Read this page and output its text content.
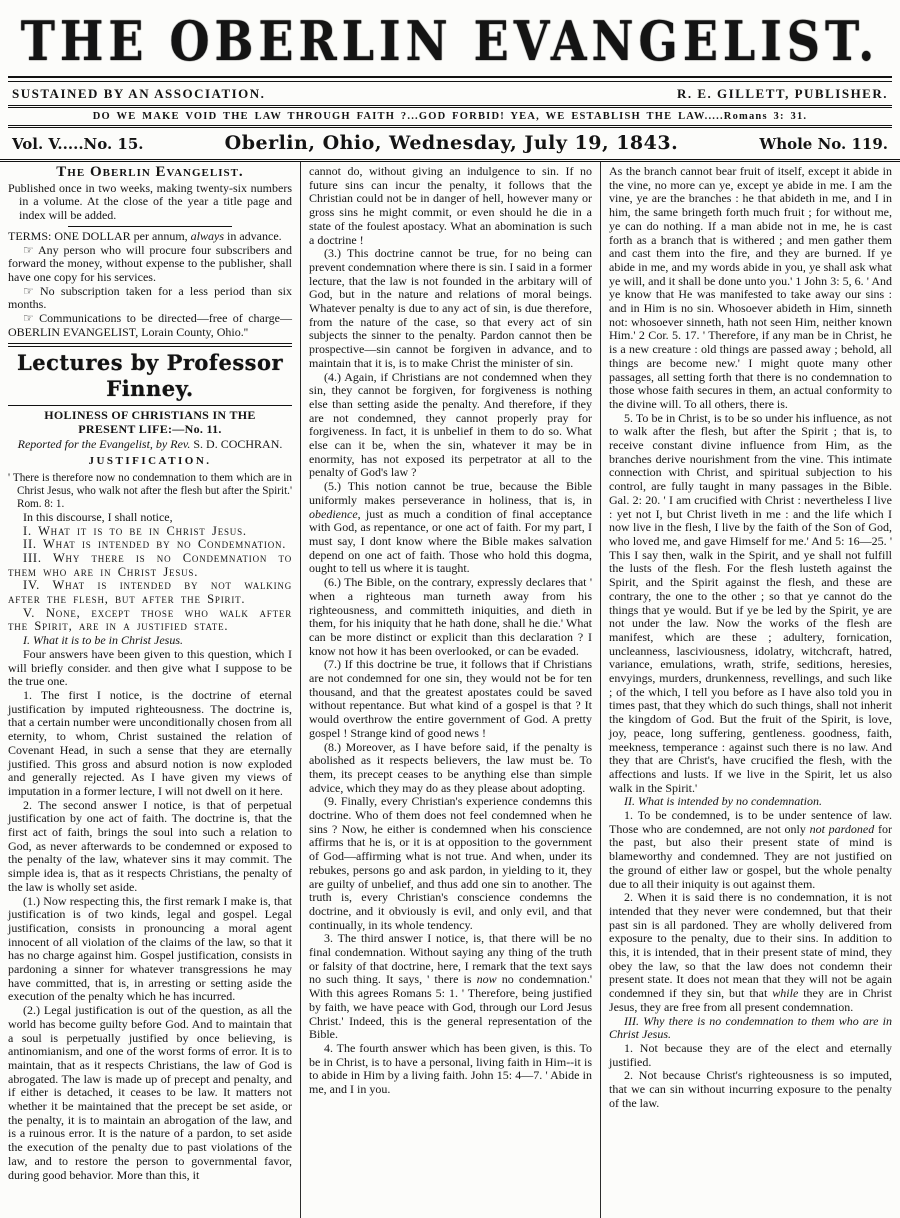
THE OBERLIN EVANGELIST.
SUSTAINED BY AN ASSOCIATION.	R. E. GILLETT, PUBLISHER.
DO WE MAKE VOID THE LAW THROUGH FAITH ?...GOD FORBID! YEA, WE ESTABLISH THE LAW.....Romans 3: 31.
Vol. V.....No. 15.	Oberlin, Ohio, Wednesday, July 19, 1843.	Whole No. 119.
The Oberlin Evangelist.

Published once in two weeks, making twenty-six numbers in a volume. At the close of the year a title page and index will be added.

TERMS: ONE DOLLAR per annum, always in advance.

☞ Any person who will procure four subscribers and forward the money, without expense to the publisher, shall have one copy for his services.

☞ No subscription taken for a less period than six months.

☞ Communications to be directed—free of charge— OBERLIN EVANGELIST, Lorain County, Ohio.''

Lectures by Professor Finney.
HOLINESS OF CHRISTIANS IN THE PRESENT LIFE:—No. 11.
Reported for the Evangelist, by Rev. S. D. COCHRAN.
JUSTIFICATION.

' There is therefore now no condemnation to them which are in Christ Jesus, who walk not after the flesh but after the Spirit.' Rom. 8: 1.

In this discourse, I shall notice,

I. What it is to be in Christ Jesus.

II. What is intended by no Condemnation.

III. Why there is no Condemnation to them who are in Christ Jesus.

IV. What is intended by not walking after the flesh, but after the Spirit.

V. None, except those who walk after the Spirit, are in a justified state.

I. What it is to be in Christ Jesus.

Four answers have been given to this question, which I will briefly consider. and then give what I suppose to be the true one.

1. The first I notice, is the doctrine of eternal justification by imputed righteousness. The doctrine is, that a certain number were unconditionally chosen from all eternity, to whom, Christ sustained the relation of Covenant Head, in such a sense that they are eternally justified. This gross and absurd notion is now exploded and generally rejected. As I have given my views of imputation in a former lecture, I will not dwell on it here.

2. The second answer I notice, is that of perpetual justification by one act of faith. The doctrine is, that the first act of faith, brings the soul into such a relation to God, as never afterwards to be condemned or exposed to the penalty of the law, whatever sins it may commit. The simple idea is, that as it respects Christians, the penalty of the law is wholly set aside.

(1.) Now respecting this, the first remark I make is, that justification is of two kinds, legal and gospel. Legal justification, consists in pronouncing a moral agent innocent of all violation of the claims of the law, so that it has no charge against him. Gospel justification, consists in pardoning a sinner for whatever transgressions he may have committed, that is, in arresting or setting aside the execution of the penalty which he has incurred.

(2.) Legal justification is out of the question, as all the world has become guilty before God. And to maintain that a soul is perpetually justified by once believing, is antinomianism, and one of the worst forms of error. It is to maintain, that as it respects Christians, the law of God is abrogated. The law is made up of precept and penalty, and if either is detached, it ceases to be law. It matters not whether it be maintained that the precept be set aside, or the penalty, it is to maintain an abrogation of the law, and is a ruinous error. It is the nature of a pardon, to set aside the execution of the penalty due to past violations of the law, and to restore the person to governmental favor, during good behavior. More than this, it

cannot do, without giving an indulgence to sin. If no future sins can incur the penalty, it follows that the Christian could not be in danger of hell, however many or gross sins he might commit, or even should he die in a state of the foulest apostacy. What an abomination is such a doctrine !

(3.) This doctrine cannot be true, for no being can prevent condemnation where there is sin. I said in a former lecture, that the law is not founded in the arbitary will of God, but in the nature and relations of moral beings. Whatever penalty is due to any act of sin, is due therefore, from the nature of the case, so that every act of sin subjects the sinner to the penalty. Pardon cannot then be prospective—sin cannot be forgiven in advance, and to maintain that it is, is to make Christ the minister of sin.

(4.) Again, if Christians are not condemned when they sin, they cannot be forgiven, for forgiveness is nothing else than setting aside the penalty. And therefore, if they are not condemned, they cannot properly pray for forgiveness. In fact, it is unbelief in them to do so. What else can it be, when the sin, whatever it may be in enormity, has not exposed its perpetrator at all to the penalty of God's law ?

(5.) This notion cannot be true, because the Bible uniformly makes perseverance in holiness, that is, in obedience, just as much a condition of final acceptance with God, as repentance, or one act of faith. For my part, I must say, I dont know where the Bible makes salvation depend on one act of faith. Those who hold this dogma, ought to tell us where it is taught.

(6.) The Bible, on the contrary, expressly declares that ' when a righteous man turneth away from his righteousness, and committeth iniquities, and dieth in them, for his iniquity that he hath done, shall he die.' What can be more distinct or explicit than this declaration ? I know not how it has been overlooked, or can be evaded.

(7.) If this doctrine be true, it follows that if Christians are not condemned for one sin, they would not be for ten thousand, and that the greatest apostates could be saved without repentance. But what kind of a gospel is that ? It would overthrow the entire government of God. A pretty gospel ! Strange kind of good news !

(8.) Moreover, as I have before said, if the penalty is abolished as it respects believers, the law must be. To them, its precept ceases to be anything else than simple advice, which they may do as they please about adopting.

(9. Finally, every Christian's experience condemns this doctrine. Who of them does not feel condemned when he sins ? Now, he either is condemned when his conscience affirms that he is, or it is at opposition to the government of God—affirming what is not true. And when, under its rebukes, persons go and ask pardon, in yielding to it, they are guilty of unbelief, and thus add one sin to another. The truth is, every Christian's conscience condemns the doctrine, and it obviously is evil, and only evil, and that continually, in its whole tendency.

3. The third answer I notice, is, that there will be no final condemnation. Without saying any thing of the truth or falsity of that doctrine, here, I remark that the text says no such thing. It says, ' there is now no condemnation.' With this agrees Romans 5: 1. ' Therefore, being justified by faith, we have peace with God, through our Lord Jesus Christ.' Indeed, this is the general representation of the Bible.

4. The fourth answer which has been given, is this. To be in Christ, is to have a personal, living faith in Him--it is to abide in Him by a living faith. John 15: 4—7. ' Abide in me, and I in you.

As the branch cannot bear fruit of itself, except it abide in the vine, no more can ye, except ye abide in me. I am the vine, ye are the branches : he that abideth in me, and I in him, the same bringeth forth much fruit ; for without me, ye can do nothing. If a man abide not in me, he is cast forth as a branch that is withered ; and men gather them and cast them into the fire, and they are burned. If ye abide in me, and my words abide in you, ye shall ask what ye will, and it shall be done unto you.' 1 John 3: 5, 6. ' And ye know that He was manifested to take away our sins : and in Him is no sin. Whosoever abideth in Him, sinneth not: whosoever sinneth, hath not seen Him, neither known Him.' 2 Cor. 5. 17. ' Therefore, if any man be in Christ, he is a new creature : old things are passed away ; behold, all things are become new.' I might quote many other passages, all setting forth that there is no condemnation to those whose faith secures in them, an actual conformity to the divine will. To all others, there is.

5. To be in Christ, is to be so under his influence, as not to walk after the flesh, but after the Spirit ; that is, to receive constant divine influence from Him, as the branches derive nourishment from the vine. This intimate connection with Christ, and spiritual subjection to his control, are fully taught in many passages in the Bible. Gal. 2: 20. ' I am crucified with Christ : nevertheless I live : yet not I, but Christ liveth in me : and the life which I now live in the flesh, I live by the faith of the Son of God, who loved me, and gave Himself for me.' And 5: 16—25. ' This I say then, walk in the Spirit, and ye shall not fulfill the lusts of the flesh. For the flesh lusteth against the Spirit, and the Spirit against the flesh, and these are contrary, the one to the other ; so that ye cannot do the things that ye would. But if ye be led by the Spirit, ye are not under the law. Now the works of the flesh are manifest, which are these ; adultery, fornication, uncleanness, lasciviousness, idolatry, witchcraft, hatred, variance, emulations, wrath, strife, seditions, heresies, envyings, murders, drunkenness, revellings, and such like ; of the which, I tell you before as I have also told you in times past, that they which do such things, shall not inherit the kingdom of God. But the fruit of the Spirit, is love, joy, peace, long suffering, gentleness. goodness, faith, meekness, temperance : against such there is no law. And they that are Christ's, have crucified the flesh, with the affections and lusts. If we live in the Spirit, let us also walk in the Spirit.'

II. What is intended by no condemnation.

1. To be condemned, is to be under sentence of law. Those who are condemned, are not only not pardoned for the past, but also their present state of mind is blameworthy and condemned. They are not justified on the ground of either law or gospel, but the whole penalty due to all their iniquity is out against them.

2. When it is said there is no condemnation, it is not intended that they never were condemned, but that their past sin is all pardoned. They are wholly delivered from exposure to the penalty, due to their sins. In addition to this, it is intended, that in their present state of mind, they obey the law, so that the law does not condemn their present state. It does not mean that they will not be again condemned if they sin, but that while they are in Christ Jesus, they are free from all present condemnation.

III. Why there is no condemnation to them who are in Christ Jesus.

1. Not because they are of the elect and eternally justified.

2. Not because Christ's righteousness is so imputed, that we can sin without incurring exposure to the penalty of the law.
